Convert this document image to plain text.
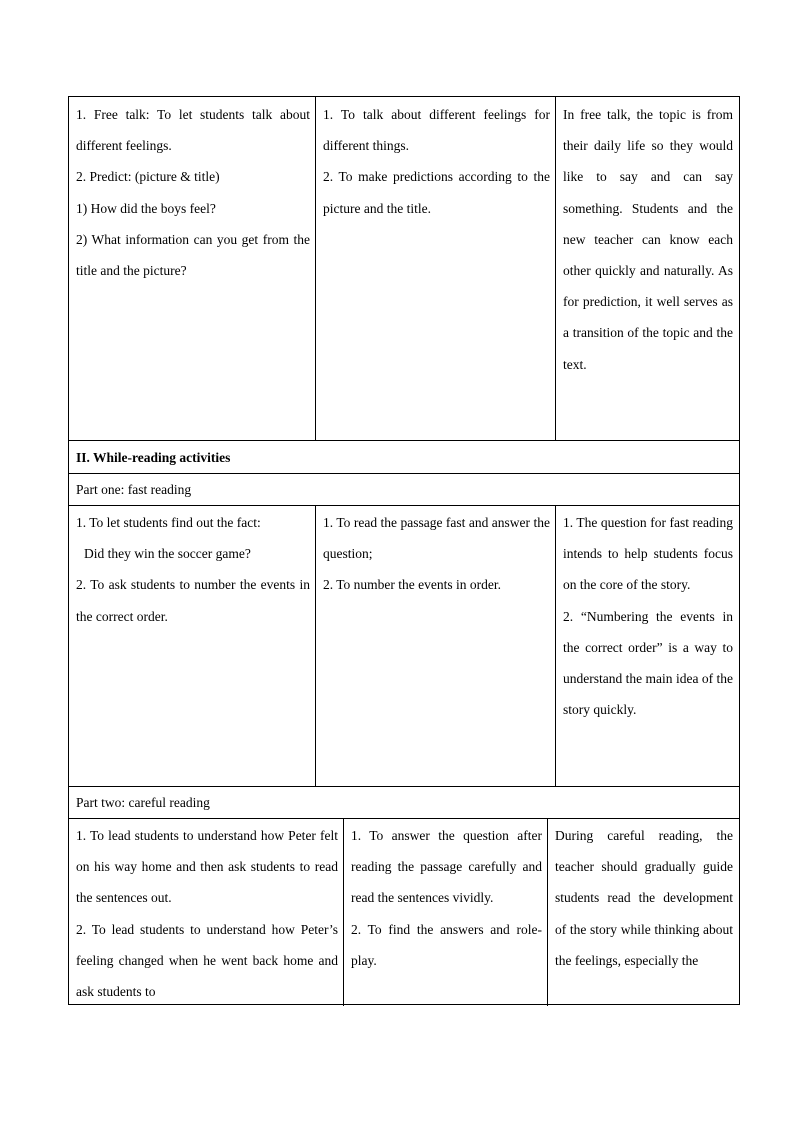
1. Free talk: To let students talk about different feelings.

2. Predict: (picture & title)

1) How did the boys feel?

2) What information can you get from the title and the picture?

1. To talk about different feelings for different things.

2. To make predictions according to the picture and the title.

In free talk, the topic is from their daily life so they would like to say and can say something. Students and the new teacher can know each other quickly and naturally. As for prediction, it well serves as a transition of the topic and the text.

II. While-reading activities
Part one: fast reading

1. To let students find out the fact:

Did they win the soccer game?

2. To ask students to number the events in the correct order.

1. To read the passage fast and answer the question;

2. To number the events in order.

1. The question for fast reading intends to help students focus on the core of the story.

2. “Numbering the events in the correct order” is a way to understand the main idea of the story quickly.

Part two: careful reading

1. To lead students to understand how Peter felt on his way home and then ask students to read the sentences out.

2. To lead students to understand how Peter’s feeling changed when he went back home and ask students to

1. To answer the question after reading the passage carefully and read the sentences vividly.

2. To find the answers and role-play.

During careful reading, the teacher should gradually guide students read the development of the story while thinking about the feelings, especially the
